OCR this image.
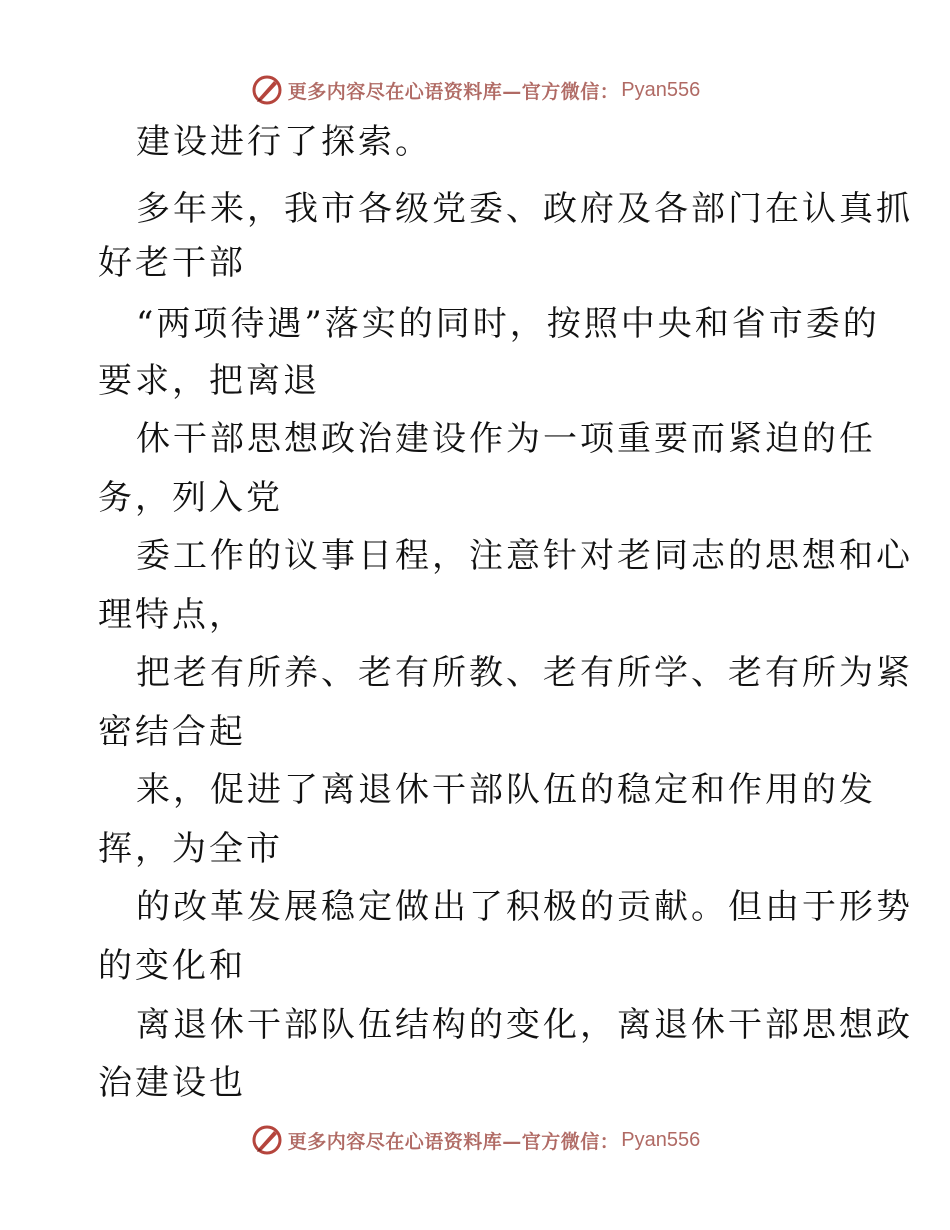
更多内容尽在心语资料库—官方微信： Pyan556
建设进行了探索。
多年来，我市各级党委、政府及各部门在认真抓
好老干部
“两项待遇”落实的同时，按照中央和省市委的
要求，把离退
休干部思想政治建设作为一项重要而紧迫的任
务，列入党
委工作的议事日程，注意针对老同志的思想和心
理特点，
把老有所养、老有所教、老有所学、老有所为紧
密结合起
来，促进了离退休干部队伍的稳定和作用的发
挥，为全市
的改革发展稳定做出了积极的贡献。但由于形势
的变化和
离退休干部队伍结构的变化，离退休干部思想政
治建设也
更多内容尽在心语资料库—官方微信： Pyan556
